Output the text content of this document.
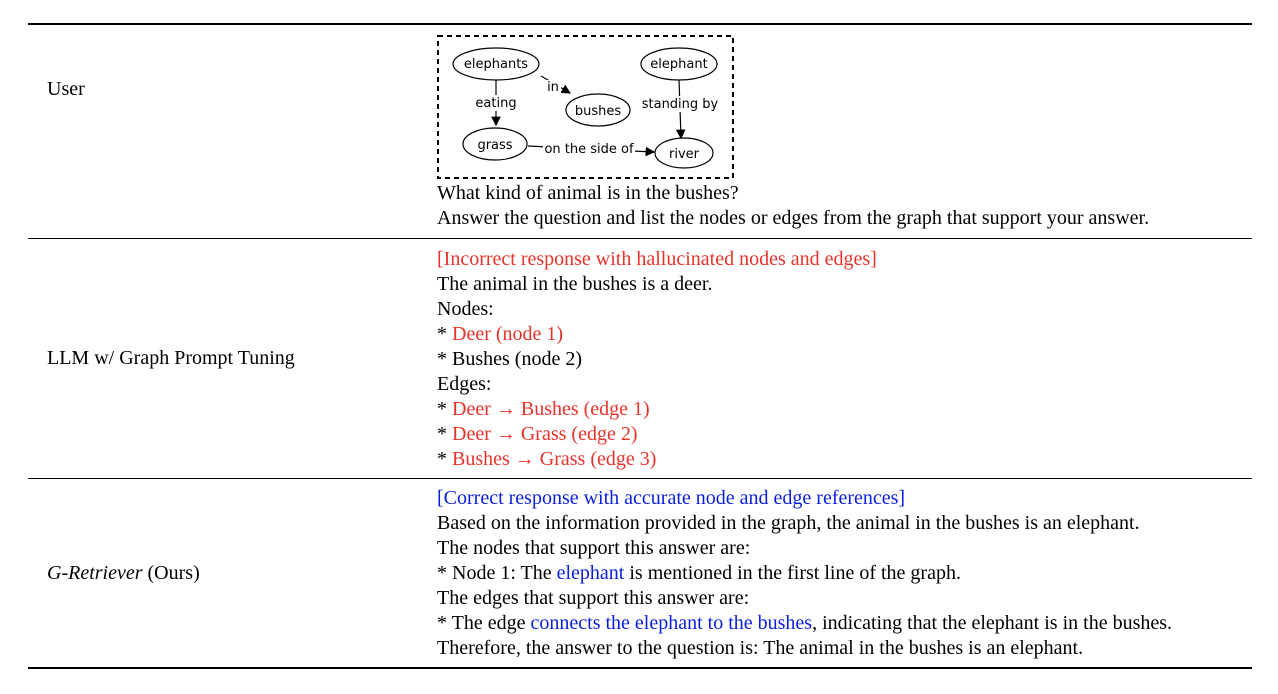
User	in
eating	standing by
on the side of
elephants
bushes
grass
elephant
river
What kind of animal is in the bushes?
Answer the question and list the nodes or edges from the graph that support your answer.
LLM w/ Graph Prompt Tuning
[Incorrect response with hallucinated nodes and edges]
The animal in the bushes is a deer.
Nodes:
* Deer (node 1)
* Bushes (node 2)
Edges:
* Deer → Bushes (edge 1)
* Deer → Grass (edge 2)
* Bushes → Grass (edge 3)
G-Retriever (Ours)
[Correct response with accurate node and edge references]
Based on the information provided in the graph, the animal in the bushes is an elephant.
The nodes that support this answer are:
* Node 1: The elephant is mentioned in the first line of the graph.
The edges that support this answer are:
* The edge connects the elephant to the bushes, indicating that the elephant is in the bushes.
Therefore, the answer to the question is: The animal in the bushes is an elephant.
